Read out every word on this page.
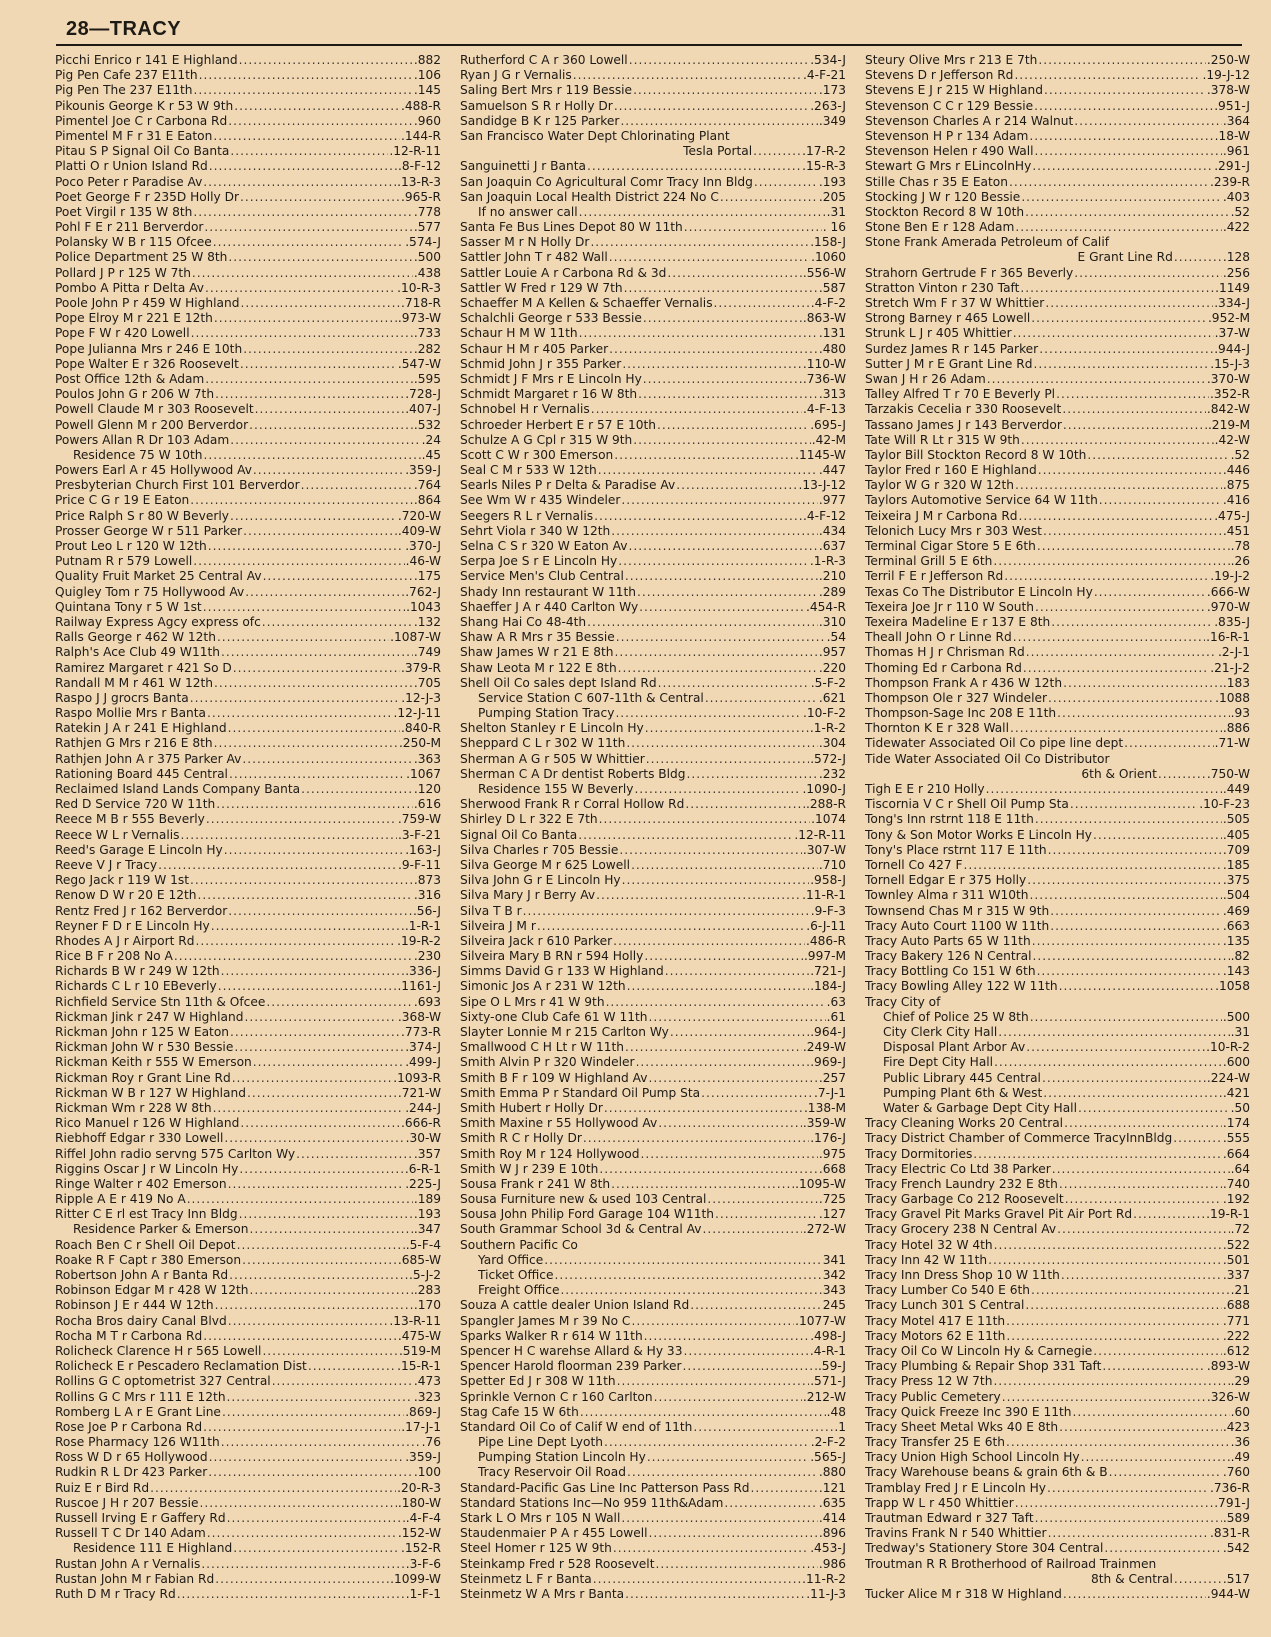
28—TRACY
Picchi Enrico r 141 E Highland .....	.882
Pig Pen Cafe 237 E11th .....	.106
Pig Pen The 237 E11th .....	.145
Pikounis George K r 53 W 9th .....	.488-R
Pimentel Joe C r Carbona Rd .....	.960
Pimentel M F r 31 E Eaton .....	.144-R
Pitau S P Signal Oil Co Banta .....	.12-R-11
Platti O r Union Island Rd .....	.8-F-12
Poco Peter r Paradise Av .....	.13-R-3
Poet George F r 235D Holly Dr .....	.965-R
Poet Virgil r 135 W 8th .....	.778
Pohl F E r 211 Berverdor .....	.577
Polansky W B r 115 Ofcee .....	.574-J
Police Department 25 W 8th .....	.500
Pollard J P r 125 W 7th .....	.438
Pombo A Pitta r Delta Av .....	.10-R-3
Poole John P r 459 W Highland .....	.718-R
Pope Elroy M r 221 E 12th .....	.973-W
Pope F W r 420 Lowell .....	.733
Pope Julianna Mrs r 246 E 10th .....	.282
Pope Walter E r 326 Roosevelt .....	.547-W
Post Office 12th & Adam .....	.595
Poulos John G r 206 W 7th .....	.728-J
Powell Claude M r 303 Roosevelt .....	.407-J
Powell Glenn M r 200 Berverdor .....	.532
Powers Allan R Dr 103 Adam .....	.24
Residence 75 W 10th .....	.45
Powers Earl A r 45 Hollywood Av .....	.359-J
Presbyterian Church First 101 Berverdor .....	.764
Price C G r 19 E Eaton .....	.864
Price Ralph S r 80 W Beverly .....	.720-W
Prosser George W r 511 Parker .....	.409-W
Prout Leo L r 120 W 12th .....	.370-J
Putnam R r 579 Lowell .....	.46-W
Quality Fruit Market 25 Central Av .....	.175
Quigley Tom r 75 Hollywood Av .....	.762-J
Quintana Tony r 5 W 1st .....	.1043
Railway Express Agcy express ofc .....	.132
Ralls George r 462 W 12th .....	.1087-W
Ralph's Ace Club 49 W11th .....	.749
Ramirez Margaret r 421 So D .....	.379-R
Randall M M r 461 W 12th .....	.705
Raspo J J grocrs Banta .....	.12-J-3
Raspo Mollie Mrs r Banta .....	.12-J-11
Ratekin J A r 241 E Highland .....	.840-R
Rathjen G Mrs r 216 E 8th .....	.250-M
Rathjen John A r 375 Parker Av .....	.363
Rationing Board 445 Central .....	.1067
Reclaimed Island Lands Company Banta .....	.120
Red D Service 720 W 11th .....	.616
Reece M B r 555 Beverly .....	.759-W
Reece W L r Vernalis .....	.3-F-21
Reed's Garage E Lincoln Hy .....	.163-J
Reeve V J r Tracy .....	.9-F-11
Rego Jack r 119 W 1st .....	.873
Renow D W r 20 E 12th .....	.316
Rentz Fred J r 162 Berverdor .....	.56-J
Reyner F D r E Lincoln Hy .....	.1-R-1
Rhodes A J r Airport Rd .....	.19-R-2
Rice B F r 208 No A .....	.230
Richards B W r 249 W 12th .....	.336-J
Richards C L r 10 EBeverly .....	.1161-J
Richfield Service Stn 11th & Ofcee .....	.693
Rickman Jink r 247 W Highland .....	.368-W
Rickman John r 125 W Eaton .....	.773-R
Rickman John W r 530 Bessie .....	.374-J
Rickman Keith r 555 W Emerson .....	.499-J
Rickman Roy r Grant Line Rd .....	.1093-R
Rickman W B r 127 W Highland .....	.721-W
Rickman Wm r 228 W 8th .....	.244-J
Rico Manuel r 126 W Highland .....	.666-R
Riebhoff Edgar r 330 Lowell .....	.30-W
Riffel John radio servng 575 Carlton Wy .....	.357
Riggins Oscar J r W Lincoln Hy .....	.6-R-1
Ringe Walter r 402 Emerson .....	.225-J
Ripple A E r 419 No A .....	.189
Ritter C E rl est Tracy Inn Bldg .....	.193
Residence Parker & Emerson .....	.347
Roach Ben C r Shell Oil Depot .....	.5-F-4
Roake R F Capt r 380 Emerson .....	.685-W
Robertson John A r Banta Rd .....	.5-J-2
Robinson Edgar M r 428 W 12th .....	.283
Robinson J E r 444 W 12th .....	.170
Rocha Bros dairy Canal Blvd .....	.13-R-11
Rocha M T r Carbona Rd .....	.475-W
Rolicheck Clarence H r 565 Lowell .....	.519-M
Rolicheck E r Pescadero Reclamation Dist .....	.15-R-1
Rollins G C optometrist 327 Central .....	.473
Rollins G C Mrs r 111 E 12th .....	.323
Romberg L A r E Grant Line .....	.869-J
Rose Joe P r Carbona Rd .....	.17-J-1
Rose Pharmacy 126 W11th .....	.76
Ross W D r 65 Hollywood .....	.359-J
Rudkin R L Dr 423 Parker .....	.100
Ruiz E r Bird Rd .....	.20-R-3
Ruscoe J H r 207 Bessie .....	.180-W
Russell Irving E r Gaffery Rd .....	.4-F-4
Russell T C Dr 140 Adam .....	.152-W
Residence 111 E Highland .....	.152-R
Rustan John A r Vernalis .....	.3-F-6
Rustan John M r Fabian Rd .....	.1099-W
Ruth D M r Tracy Rd .....	.1-F-1
Rutherford C A r 360 Lowell .....	.534-J
Ryan J G r Vernalis .....	.4-F-21
Saling Bert Mrs r 119 Bessie .....	.173
Samuelson S R r Holly Dr .....	.263-J
Sandidge B K r 125 Parker .....	.349
San Francisco Water Dept Chlorinating Plant
Tesla Portal .....	.17-R-2
Sanguinetti J r Banta .....	.15-R-3
San Joaquin Co Agricultural Comr Tracy Inn Bldg .....	.193
San Joaquin Local Health District 224 No C .....	.205
If no answer call .....	.31
Santa Fe Bus Lines Depot 80 W 11th .....	. 16
Sasser M r N Holly Dr .....	.158-J
Sattler John T r 482 Wall .....	.1060
Sattler Louie A r Carbona Rd & 3d .....	.556-W
Sattler W Fred r 129 W 7th .....	.587
Schaeffer M A Kellen & Schaeffer Vernalis .....	.4-F-2
Schalchli George r 533 Bessie .....	.863-W
Schaur H M W 11th .....	.131
Schaur H M r 405 Parker .....	.480
Schmid John J r 355 Parker .....	.110-W
Schmidt J F Mrs r E Lincoln Hy .....	.736-W
Schmidt Margaret r 16 W 8th .....	.313
Schnobel H r Vernalis .....	.4-F-13
Schroeder Herbert E r 57 E 10th .....	.695-J
Schulze A G Cpl r 315 W 9th .....	.42-M
Scott C W r 300 Emerson .....	.1145-W
Seal C M r 533 W 12th .....	.447
Searls Niles P r Delta & Paradise Av .....	.13-J-12
See Wm W r 435 Windeler .....	.977
Seegers R L r Vernalis .....	.4-F-12
Sehrt Viola r 340 W 12th .....	.434
Selna C S r 320 W Eaton Av .....	.637
Serpa Joe S r E Lincoln Hy .....	.1-R-3
Service Men's Club Central .....	.210
Shady Inn restaurant W 11th .....	.289
Shaeffer J A r 440 Carlton Wy .....	.454-R
Shang Hai Co 48-4th .....	.310
Shaw A R Mrs r 35 Bessie .....	.54
Shaw James W r 21 E 8th .....	.957
Shaw Leota M r 122 E 8th .....	.220
Shell Oil Co sales dept Island Rd .....	.5-F-2
Service Station C 607-11th & Central .....	.621
Pumping Station Tracy .....	.10-F-2
Shelton Stanley r E Lincoln Hy .....	.1-R-2
Sheppard C L r 302 W 11th .....	.304
Sherman A G r 505 W Whittier .....	.572-J
Sherman C A Dr dentist Roberts Bldg .....	.232
Residence 155 W Beverly .....	.1090-J
Sherwood Frank R r Corral Hollow Rd .....	.288-R
Shirley D L r 322 E 7th .....	.1074
Signal Oil Co Banta .....	.12-R-11
Silva Charles r 705 Bessie .....	.307-W
Silva George M r 625 Lowell .....	.710
Silva John G r E Lincoln Hy .....	.958-J
Silva Mary J r Berry Av .....	.11-R-1
Silva T B r .....	.9-F-3
Silveira J M r .....	.6-J-11
Silveira Jack r 610 Parker .....	.486-R
Silveira Mary B RN r 594 Holly .....	.997-M
Simms David G r 133 W Highland .....	.721-J
Simonic Jos A r 231 W 12th .....	.184-J
Sipe O L Mrs r 41 W 9th .....	.63
Sixty-one Club Cafe 61 W 11th .....	.61
Slayter Lonnie M r 215 Carlton Wy .....	.964-J
Smallwood C H Lt r W 11th .....	.249-W
Smith Alvin P r 320 Windeler .....	.969-J
Smith B F r 109 W Highland Av .....	.257
Smith Emma P r Standard Oil Pump Sta .....	.7-J-1
Smith Hubert r Holly Dr .....	.138-M
Smith Maxine r 55 Hollywood Av .....	.359-W
Smith R C r Holly Dr .....	.176-J
Smith Roy M r 124 Hollywood .....	.975
Smith W J r 239 E 10th .....	.668
Sousa Frank r 241 W 8th .....	.1095-W
Sousa Furniture new & used 103 Central .....	.725
Sousa John Philip Ford Garage 104 W11th .....	.127
South Grammar School 3d & Central Av .....	.272-W
Southern Pacific Co
Yard Office .....	341
Ticket Office .....	342
Freight Office .....	343
Souza A cattle dealer Union Island Rd .....	245
Spangler James M r 39 No C .....	.1077-W
Sparks Walker R r 614 W 11th .....	.498-J
Spencer H C warehse Allard & Hy 33 .....	.4-R-1
Spencer Harold floorman 239 Parker .....	.59-J
Spetter Ed J r 308 W 11th .....	.571-J
Sprinkle Vernon C r 160 Carlton .....	.212-W
Stag Cafe 15 W 6th .....	.48
Standard Oil Co of Calif W end of 11th .....	.1
Pipe Line Dept Lyoth .....	.2-F-2
Pumping Station Lincoln Hy .....	.565-J
Tracy Reservoir Oil Road .....	.880
Standard-Pacific Gas Line Inc Patterson Pass Rd .....	.121
Standard Stations Inc—No 959 11th&Adam .....	.635
Stark L O Mrs r 105 N Wall .....	.414
Staudenmaier P A r 455 Lowell .....	.896
Steel Homer r 125 W 9th .....	.453-J
Steinkamp Fred r 528 Roosevelt .....	.986
Steinmetz L F r Banta .....	.11-R-2
Steinmetz W A Mrs r Banta .....	.11-J-3
Steury Olive Mrs r 213 E 7th .....	.250-W
Stevens D r Jefferson Rd .....	.19-J-12
Stevens E J r 215 W Highland .....	.378-W
Stevenson C C r 129 Bessie .....	.951-J
Stevenson Charles A r 214 Walnut .....	.364
Stevenson H P r 134 Adam .....	.18-W
Stevenson Helen r 490 Wall .....	.961
Stewart G Mrs r ELincolnHy .....	.291-J
Stille Chas r 35 E Eaton .....	.239-R
Stocking J W r 120 Bessie .....	.403
Stockton Record 8 W 10th .....	.52
Stone Ben E r 128 Adam .....	.422
Stone Frank Amerada Petroleum of Calif
E Grant Line Rd .....	.128
Strahorn Gertrude F r 365 Beverly .....	.256
Stratton Vinton r 230 Taft .....	.1149
Stretch Wm F r 37 W Whittier .....	.334-J
Strong Barney r 465 Lowell .....	.952-M
Strunk L J r 405 Whittier .....	.37-W
Surdez James R r 145 Parker .....	.944-J
Sutter J M r E Grant Line Rd .....	.15-J-3
Swan J H r 26 Adam .....	.370-W
Talley Alfred T r 70 E Beverly Pl .....	.352-R
Tarzakis Cecelia r 330 Roosevelt .....	.842-W
Tassano James J r 143 Berverdor .....	.219-M
Tate Will R Lt r 315 W 9th .....	.42-W
Taylor Bill Stockton Record 8 W 10th .....	.52
Taylor Fred r 160 E Highland .....	.446
Taylor W G r 320 W 12th .....	.875
Taylors Automotive Service 64 W 11th .....	.416
Teixeira J M r Carbona Rd .....	.475-J
Telonich Lucy Mrs r 303 West .....	.451
Terminal Cigar Store 5 E 6th .....	.78
Terminal Grill 5 E 6th .....	.26
Terril F E r Jefferson Rd .....	.19-J-2
Texas Co The Distributor E Lincoln Hy .....	.666-W
Texeira Joe Jr r 110 W South .....	.970-W
Texeira Madeline E r 137 E 8th .....	.835-J
Theall John O r Linne Rd .....	.16-R-1
Thomas H J r Chrisman Rd .....	.2-J-1
Thoming Ed r Carbona Rd .....	.21-J-2
Thompson Frank A r 436 W 12th .....	.183
Thompson Ole r 327 Windeler .....	.1088
Thompson-Sage Inc 208 E 11th .....	.93
Thornton K E r 328 Wall .....	.886
Tidewater Associated Oil Co pipe line dept .....	.71-W
Tide Water Associated Oil Co Distributor
6th & Orient .....	.750-W
Tigh E E r 210 Holly .....	.449
Tiscornia V C r Shell Oil Pump Sta .....	.10-F-23
Tong's Inn rstrnt 118 E 11th .....	.505
Tony & Son Motor Works E Lincoln Hy .....	.405
Tony's Place rstrnt 117 E 11th .....	.709
Tornell Co 427 F .....	.185
Tornell Edgar E r 375 Holly .....	.375
Townley Alma r 311 W10th .....	.504
Townsend Chas M r 315 W 9th .....	.469
Tracy Auto Court 1100 W 11th .....	.663
Tracy Auto Parts 65 W 11th .....	.135
Tracy Bakery 126 N Central .....	.82
Tracy Bottling Co 151 W 6th .....	.143
Tracy Bowling Alley 122 W 11th .....	.1058
Tracy City of
Chief of Police 25 W 8th .....	.500
City Clerk City Hall .....	.31
Disposal Plant Arbor Av .....	.10-R-2
Fire Dept City Hall .....	.600
Public Library 445 Central .....	.224-W
Pumping Plant 6th & West .....	.421
Water & Garbage Dept City Hall .....	.50
Tracy Cleaning Works 20 Central .....	.174
Tracy District Chamber of Commerce TracyInnBldg .....	.555
Tracy Dormitories .....	.664
Tracy Electric Co Ltd 38 Parker .....	.64
Tracy French Laundry 232 E 8th .....	.740
Tracy Garbage Co 212 Roosevelt .....	.192
Tracy Gravel Pit Marks Gravel Pit Air Port Rd .....	.19-R-1
Tracy Grocery 238 N Central Av .....	.72
Tracy Hotel 32 W 4th .....	.522
Tracy Inn 42 W 11th .....	.501
Tracy Inn Dress Shop 10 W 11th .....	.337
Tracy Lumber Co 540 E 6th .....	.21
Tracy Lunch 301 S Central .....	.688
Tracy Motel 417 E 11th .....	.771
Tracy Motors 62 E 11th .....	.222
Tracy Oil Co W Lincoln Hy & Carnegie .....	.612
Tracy Plumbing & Repair Shop 331 Taft .....	.893-W
Tracy Press 12 W 7th .....	.29
Tracy Public Cemetery .....	.326-W
Tracy Quick Freeze Inc 390 E 11th .....	.60
Tracy Sheet Metal Wks 40 E 8th .....	.423
Tracy Transfer 25 E 6th .....	.36
Tracy Union High School Lincoln Hy .....	.49
Tracy Warehouse beans & grain 6th & B .....	.760
Tramblay Fred J r E Lincoln Hy .....	.736-R
Trapp W L r 450 Whittier .....	.791-J
Trautman Edward r 327 Taft .....	.589
Travins Frank N r 540 Whittier .....	.831-R
Tredway's Stationery Store 304 Central .....	.542
Troutman R R Brotherhood of Railroad Trainmen
8th & Central .....	.517
Tucker Alice M r 318 W Highland .....	.944-W
